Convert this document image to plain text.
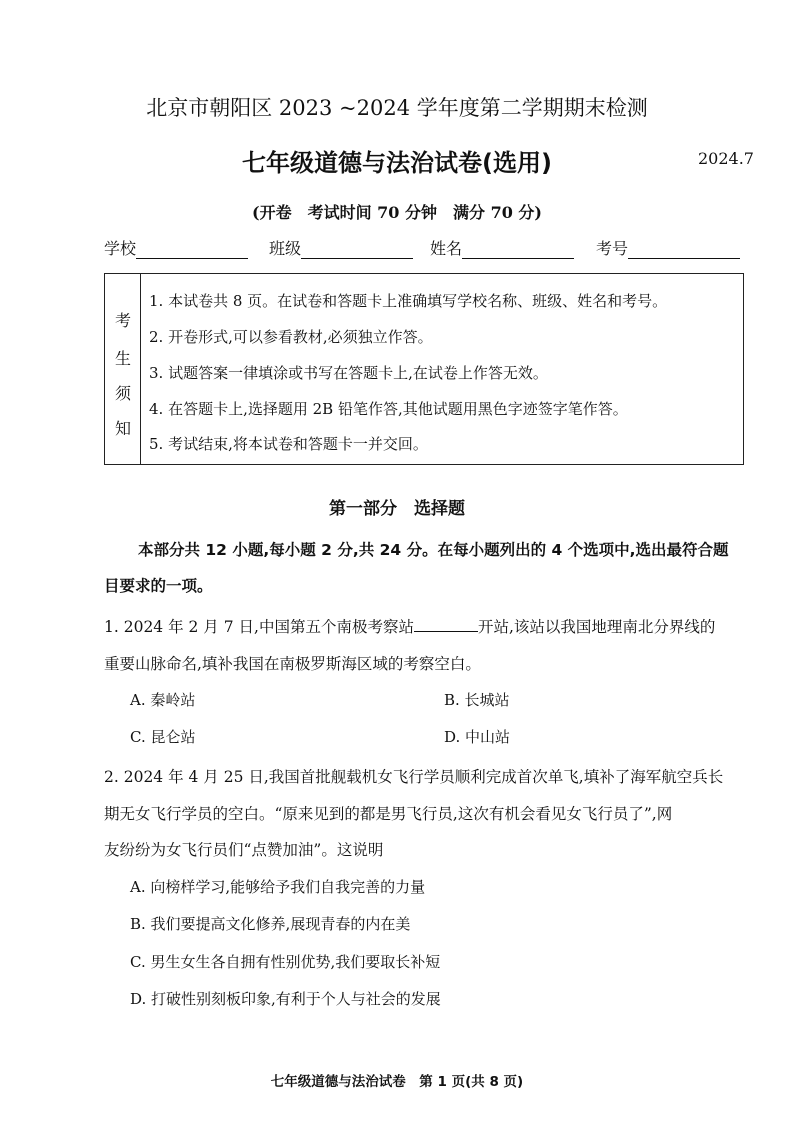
北京市朝阳区 2023 ~2024 学年度第二学期期末检测
七年级道德与法治试卷(选用)	2024.7
(开卷　考试时间 70 分钟　满分 70 分)
学校	班级	姓名	考号
考
生
须
知
1. 本试卷共 8 页。在试卷和答题卡上准确填写学校名称、班级、姓名和考号。
2. 开卷形式,可以参看教材,必须独立作答。
3. 试题答案一律填涂或书写在答题卡上,在试卷上作答无效。
4. 在答题卡上,选择题用 2B 铅笔作答,其他试题用黑色字迹签字笔作答。
5. 考试结束,将本试卷和答题卡一并交回。
第一部分　选择题
本部分共 12 小题,每小题 2 分,共 24 分。在每小题列出的 4 个选项中,选出最符合题
目要求的一项。
1. 2024 年 2 月 7 日,中国第五个南极考察站	开站,该站以我国地理南北分界线的
重要山脉命名,填补我国在南极罗斯海区域的考察空白。
A. 秦岭站	B. 长城站
C. 昆仑站	D. 中山站
2. 2024 年 4 月 25 日,我国首批舰载机女飞行学员顺利完成首次单飞,填补了海军航空兵长
期无女飞行学员的空白。“原来见到的都是男飞行员,这次有机会看见女飞行员了”,网
友纷纷为女飞行员们“点赞加油”。这说明
A. 向榜样学习,能够给予我们自我完善的力量
B. 我们要提高文化修养,展现青春的内在美
C. 男生女生各自拥有性别优势,我们要取长补短
D. 打破性别刻板印象,有利于个人与社会的发展
七年级道德与法治试卷　第 1 页(共 8 页)
